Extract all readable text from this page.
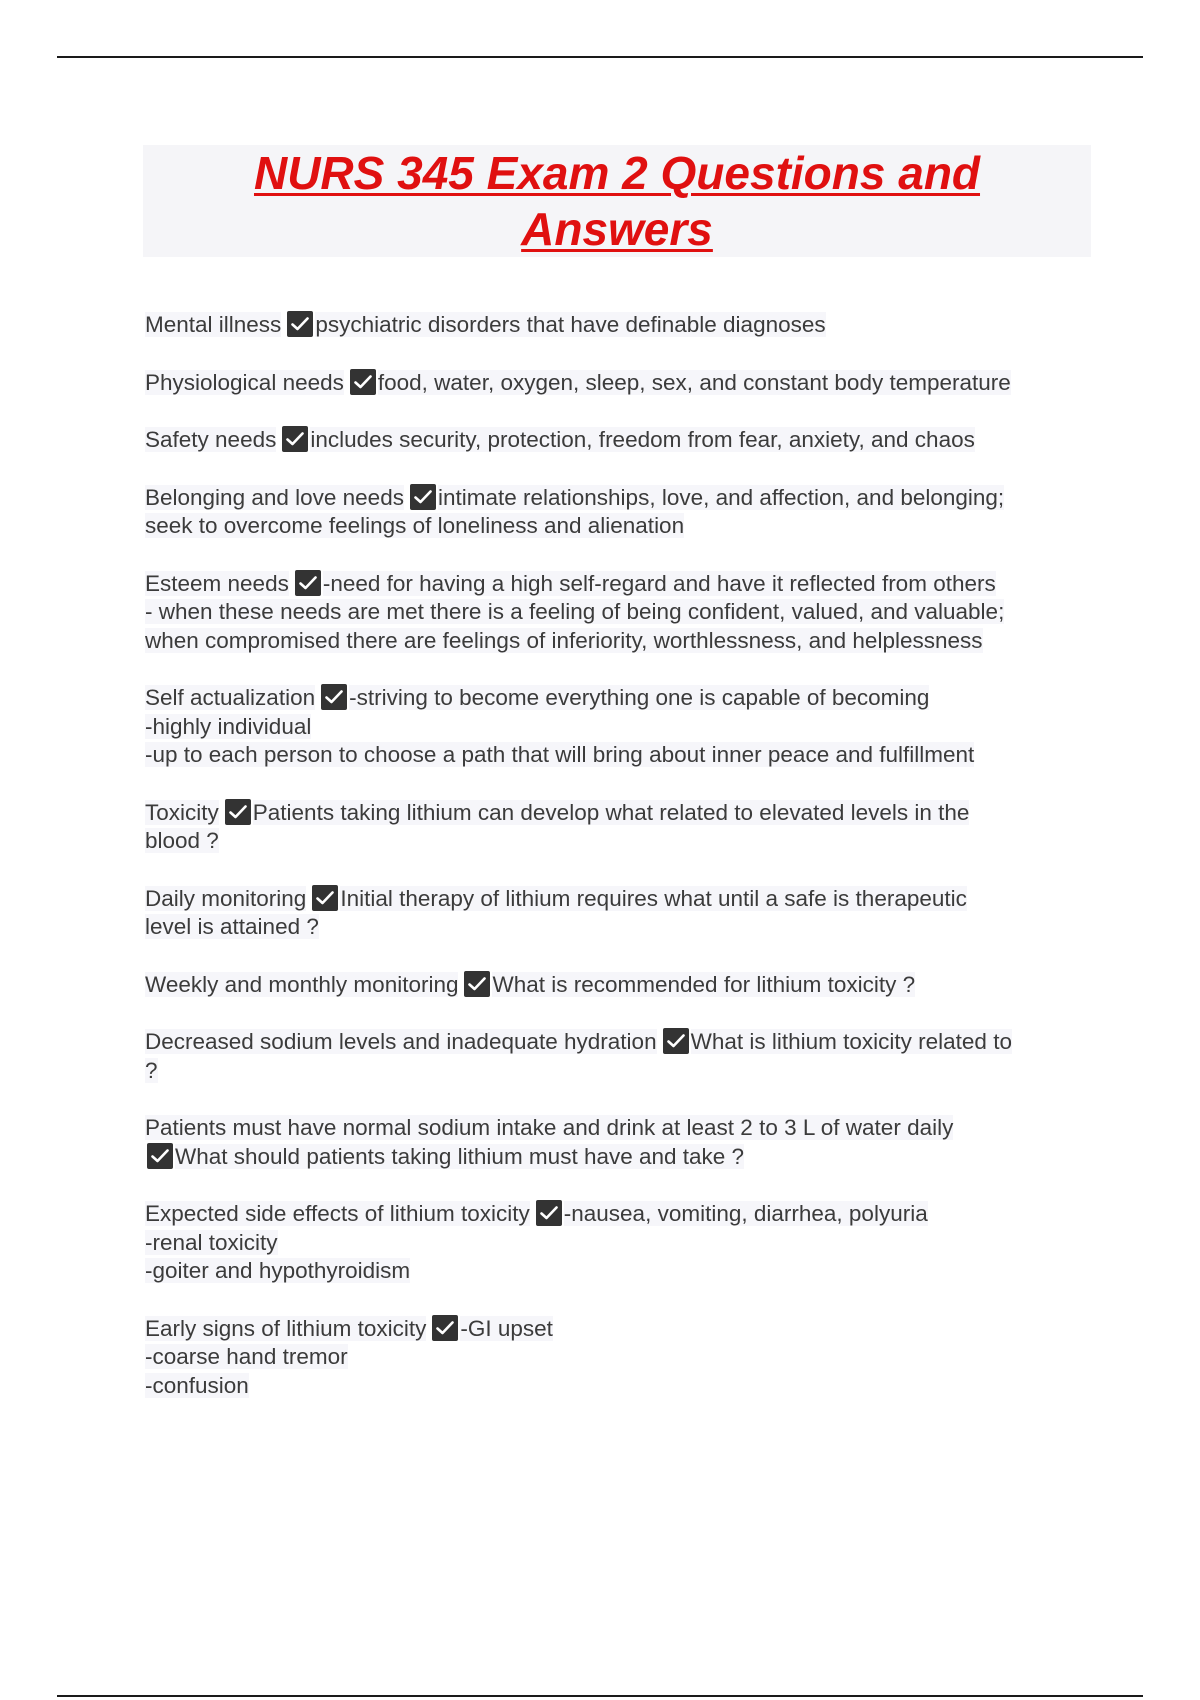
NURS 345 Exam 2 Questions and
Answers
Mental illness psychiatric disorders that have definable diagnoses
Physiological needs food, water, oxygen, sleep, sex, and constant body temperature
Safety needs includes security, protection, freedom from fear, anxiety, and chaos
Belonging and love needs intimate relationships, love, and affection, and belonging;
seek to overcome feelings of loneliness and alienation
Esteem needs -need for having a high self-regard and have it reflected from others
- when these needs are met there is a feeling of being confident, valued, and valuable;
when compromised there are feelings of inferiority, worthlessness, and helplessness
Self actualization -striving to become everything one is capable of becoming
-highly individual
-up to each person to choose a path that will bring about inner peace and fulfillment
Toxicity Patients taking lithium can develop what related to elevated levels in the
blood ?
Daily monitoring Initial therapy of lithium requires what until a safe is therapeutic
level is attained ?
Weekly and monthly monitoring What is recommended for lithium toxicity ?
Decreased sodium levels and inadequate hydration What is lithium toxicity related to
?
Patients must have normal sodium intake and drink at least 2 to 3 L of water daily
What should patients taking lithium must have and take ?
Expected side effects of lithium toxicity -nausea, vomiting, diarrhea, polyuria
-renal toxicity
-goiter and hypothyroidism
Early signs of lithium toxicity -GI upset
-coarse hand tremor
-confusion
